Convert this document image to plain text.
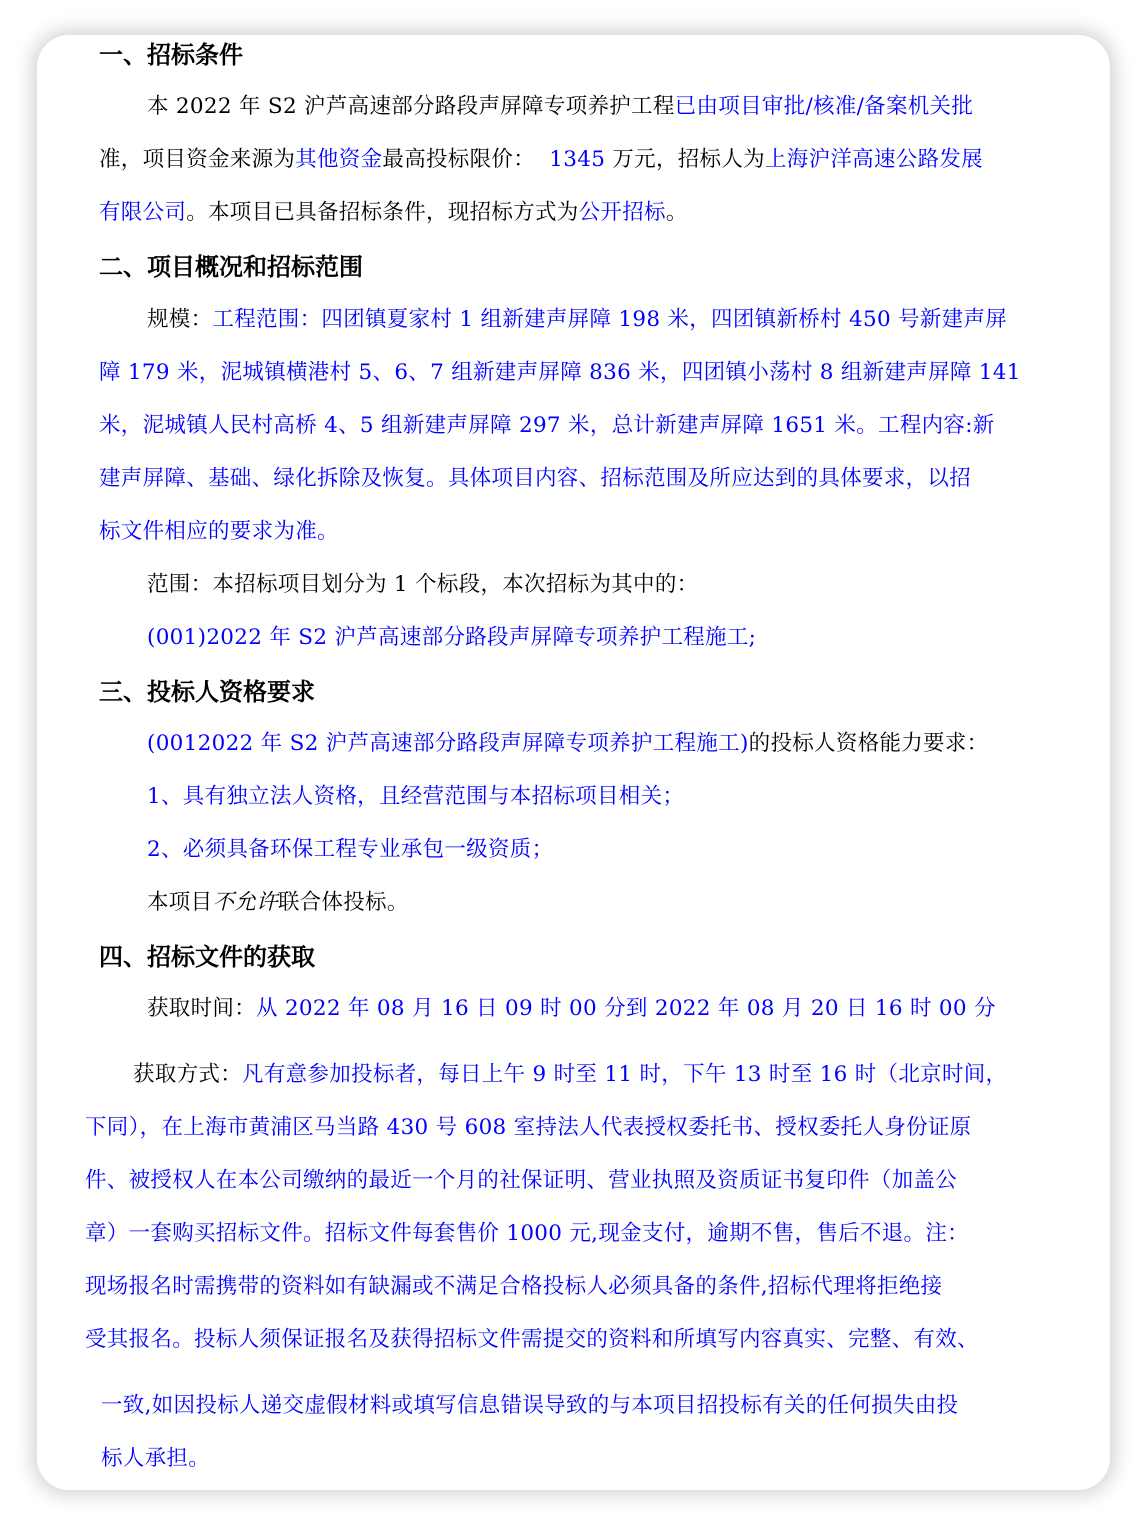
一、招标条件
本 2022 年 S2 沪芦高速部分路段声屏障专项养护工程已由项目审批/核准/备案机关批
准，项目资金来源为其他资金最高投标限价： 1345 万元，招标人为上海沪洋高速公路发展
有限公司。本项目已具备招标条件，现招标方式为公开招标。
二、项目概况和招标范围
规模：工程范围：四团镇夏家村 1 组新建声屏障 198 米，四团镇新桥村 450 号新建声屏
障 179 米，泥城镇横港村 5、6、7 组新建声屏障 836 米，四团镇小荡村 8 组新建声屏障 141
米，泥城镇人民村高桥 4、5 组新建声屏障 297 米，总计新建声屏障 1651 米。工程内容:新
建声屏障、基础、绿化拆除及恢复。具体项目内容、招标范围及所应达到的具体要求，以招
标文件相应的要求为准。
范围：本招标项目划分为 1 个标段，本次招标为其中的：
(001)2022 年 S2 沪芦高速部分路段声屏障专项养护工程施工;
三、投标人资格要求
(0012022 年 S2 沪芦高速部分路段声屏障专项养护工程施工)的投标人资格能力要求：
1、具有独立法人资格，且经营范围与本招标项目相关；
2、必须具备环保工程专业承包一级资质；
本项目不允许联合体投标。
四、招标文件的获取
获取时间：从 2022 年 08 月 16 日 09 时 00 分到 2022 年 08 月 20 日 16 时 00 分
获取方式：凡有意参加投标者，每日上午 9 时至 11 时，下午 13 时至 16 时（北京时间，
下同），在上海市黄浦区马当路 430 号 608 室持法人代表授权委托书、授权委托人身份证原
件、被授权人在本公司缴纳的最近一个月的社保证明、营业执照及资质证书复印件（加盖公
章）一套购买招标文件。招标文件每套售价 1000 元,现金支付，逾期不售，售后不退。注：
现场报名时需携带的资料如有缺漏或不满足合格投标人必须具备的条件,招标代理将拒绝接
受其报名。投标人须保证报名及获得招标文件需提交的资料和所填写内容真实、完整、有效、
一致,如因投标人递交虚假材料或填写信息错误导致的与本项目招投标有关的任何损失由投
标人承担。
